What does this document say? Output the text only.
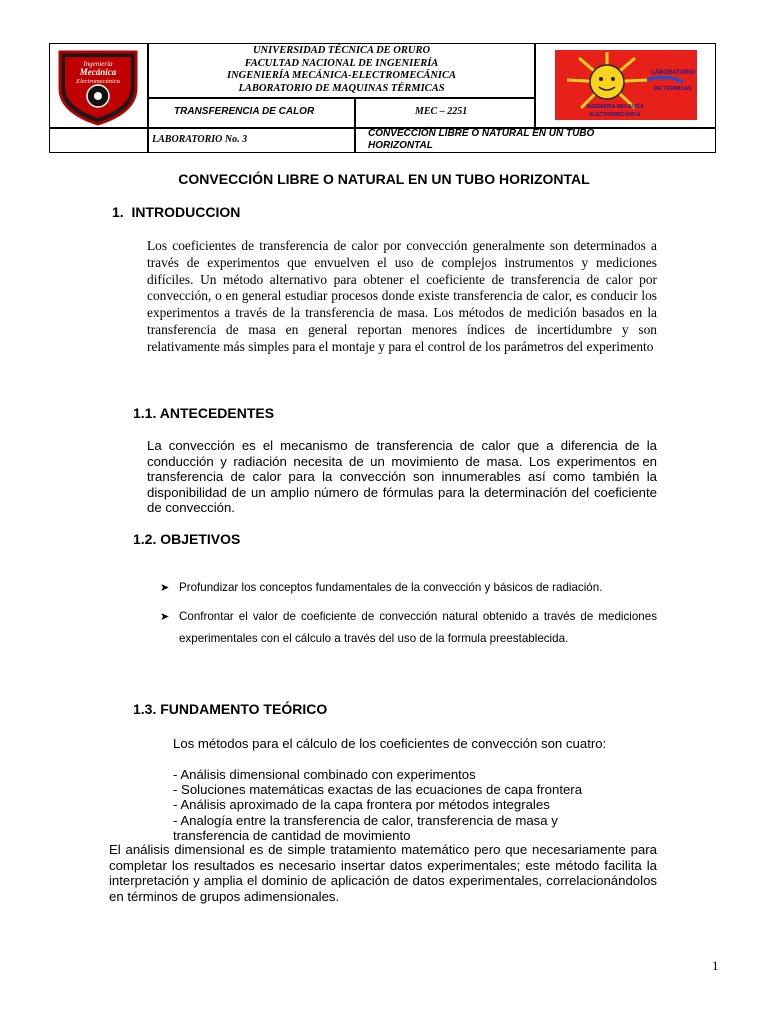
Ingeniería
Mecánica
Electromecánica
UNIVERSIDAD TÉCNICA DE ORURO
FACULTAD NACIONAL DE INGENIERÍA
INGENIERÍA MECÁNICA-ELECTROMECÁNICA
LABORATORIO DE MAQUINAS TÉRMICAS
LABORATORIO
DE TERMICAS
INGENIERIA MECANICA
ELECTROMECANICA
TRANSFERENCIA DE CALOR	MEC – 2251
LABORATORIO No. 3
CONVECCIÓN LIBRE O NATURAL EN UN TUBO HORIZONTAL
CONVECCIÓN LIBRE O NATURAL EN UN TUBO HORIZONTAL
1.  INTRODUCCION
Los coeficientes de transferencia de calor por convección generalmente son determinados a través de experimentos que envuelven el uso de complejos instrumentos y mediciones difíciles. Un método alternativo para obtener el coeficiente de transferencia de calor por convección, o en general estudiar procesos donde existe transferencia de calor, es conducir los experimentos a través de la transferencia de masa. Los métodos de medición basados en la transferencia de masa en general reportan menores índices de incertidumbre y son relativamente más simples para el montaje y para el control de los parámetros del experimento
1.1. ANTECEDENTES
La convección es el mecanismo de transferencia de calor que a diferencia de la conducción y radiación necesita de un movimiento de masa. Los experimentos en transferencia de calor para la convección son innumerables así como también la disponibilidad de un amplio número de fórmulas para la determinación del coeficiente de convección.
1.2. OBJETIVOS
➤ Profundizar los conceptos fundamentales de la convección y básicos de radiación.
➤ Confrontar el valor de coeficiente de convección natural obtenido a través de mediciones experimentales con el cálculo a través del uso de la formula preestablecida.
1.3. FUNDAMENTO TEÓRICO
Los métodos para el cálculo de los coeficientes de convección son cuatro:
- Análisis dimensional combinado con experimentos
- Soluciones matemáticas exactas de las ecuaciones de capa frontera
- Análisis aproximado de la capa frontera por métodos integrales
- Analogía entre la transferencia de calor, transferencia de masa y
transferencia de cantidad de movimiento
El análisis dimensional es de simple tratamiento matemático pero que necesariamente para completar los resultados es necesario insertar datos experimentales; este método facilita la interpretación y amplia el dominio de aplicación de datos experimentales, correlacionándolos en términos de grupos adimensionales.
1
